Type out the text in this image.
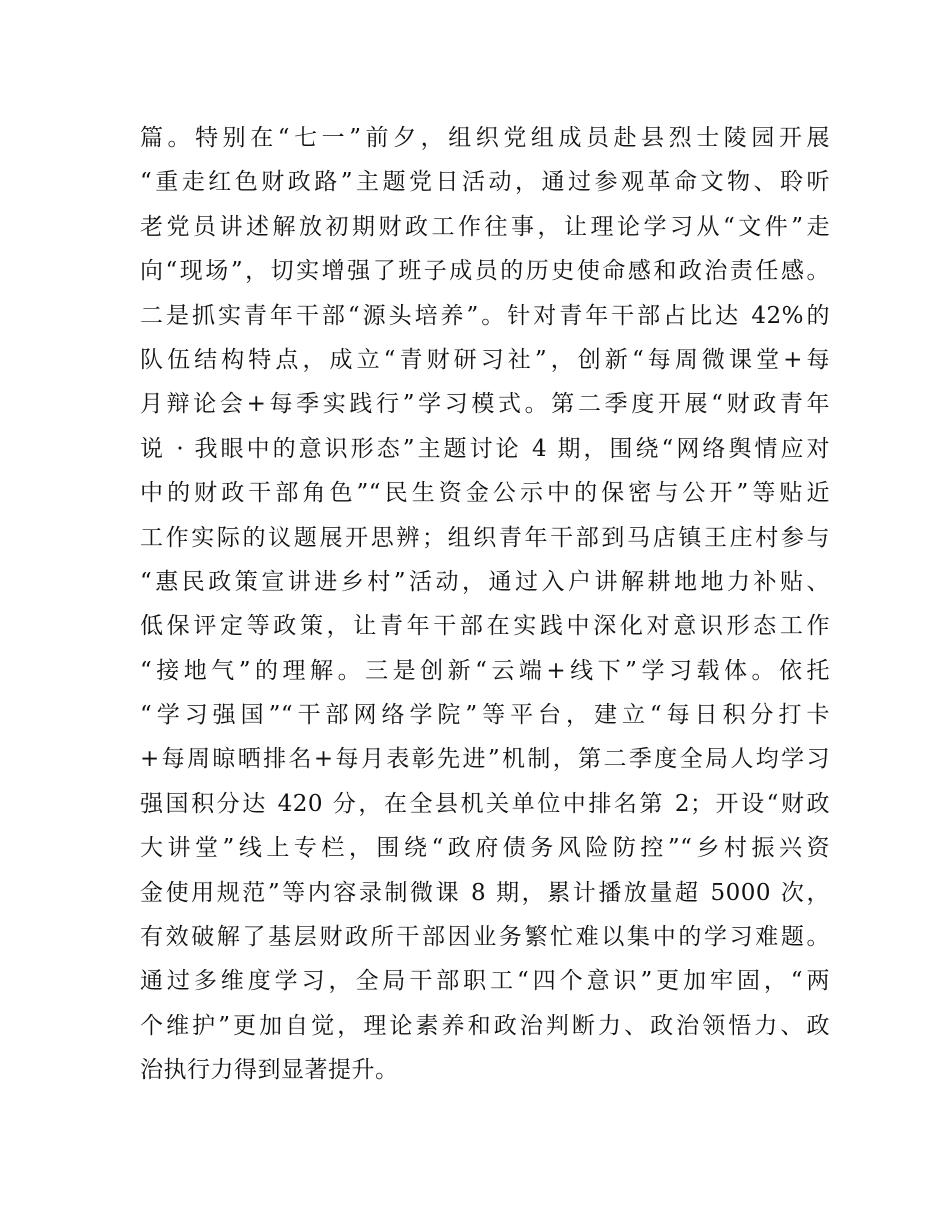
篇。特别在“七一”前夕，组织党组成员赴县烈士陵园开展
“重走红色财政路”主题党日活动，通过参观革命文物、聆听
老党员讲述解放初期财政工作往事，让理论学习从“文件”走
向“现场”，切实增强了班子成员的历史使命感和政治责任感。
二是抓实青年干部“源头培养”。针对青年干部占比达 42%的
队伍结构特点，成立“青财研习社”，创新“每周微课堂+每
月辩论会+每季实践行”学习模式。第二季度开展“财政青年
说 · 我眼中的意识形态”主题讨论 4 期，围绕“网络舆情应对
中的财政干部角色”“民生资金公示中的保密与公开”等贴近
工作实际的议题展开思辨；组织青年干部到马店镇王庄村参与
“惠民政策宣讲进乡村”活动，通过入户讲解耕地地力补贴、
低保评定等政策，让青年干部在实践中深化对意识形态工作
“接地气”的理解。三是创新“云端+线下”学习载体。依托
“学习强国”“干部网络学院”等平台，建立“每日积分打卡
+每周晾晒排名+每月表彰先进”机制，第二季度全局人均学习
强国积分达 420 分，在全县机关单位中排名第 2；开设“财政
大讲堂”线上专栏，围绕“政府债务风险防控”“乡村振兴资
金使用规范”等内容录制微课 8 期，累计播放量超 5000 次，
有效破解了基层财政所干部因业务繁忙难以集中的学习难题。
通过多维度学习，全局干部职工“四个意识”更加牢固，“两
个维护”更加自觉，理论素养和政治判断力、政治领悟力、政
治执行力得到显著提升。
